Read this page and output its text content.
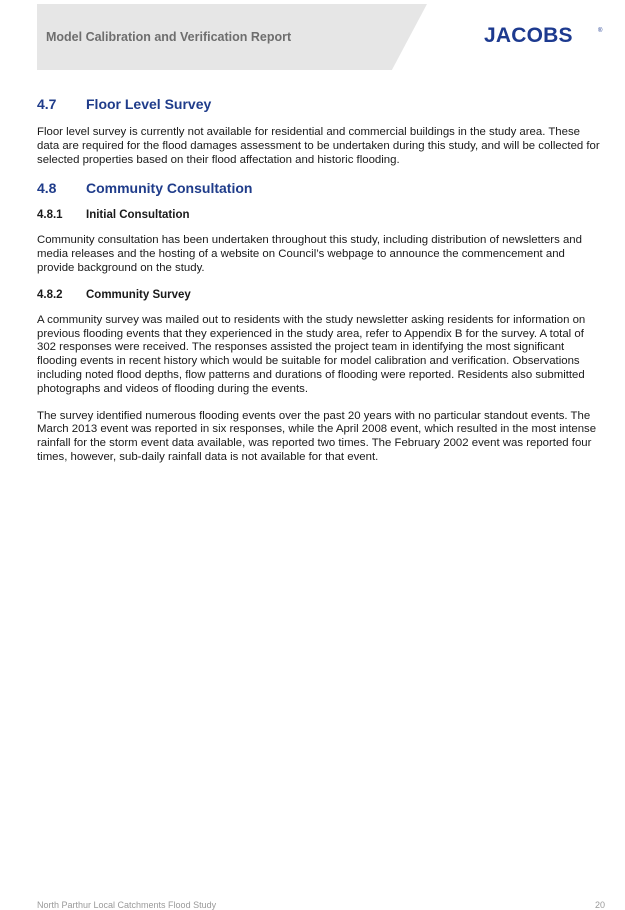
Model Calibration and Verification Report	JACOBS	®
4.7	Floor Level Survey

Floor level survey is currently not available for residential and commercial buildings in the study area. These data are required for the flood damages assessment to be undertaken during this study, and will be collected for selected properties based on their flood affectation and historic flooding.

4.8	Community Consultation
4.8.1	Initial Consultation

Community consultation has been undertaken throughout this study, including distribution of newsletters and media releases and the hosting of a website on Council’s webpage to announce the commencement and provide background on the study.

4.8.2	Community Survey

A community survey was mailed out to residents with the study newsletter asking residents for information on previous flooding events that they experienced in the study area, refer to Appendix B for the survey. A total of 302 responses were received. The responses assisted the project team in identifying the most significant flooding events in recent history which would be suitable for model calibration and verification. Observations including noted flood depths, flow patterns and durations of flooding were reported. Residents also submitted photographs and videos of flooding during the events.

The survey identified numerous flooding events over the past 20 years with no particular standout events. The March 2013 event was reported in six responses, while the April 2008 event, which resulted in the most intense rainfall for the storm event data available, was reported two times. The February 2002 event was reported four times, however, sub-daily rainfall data is not available for that event.

North Parthur Local Catchments Flood Study	20
